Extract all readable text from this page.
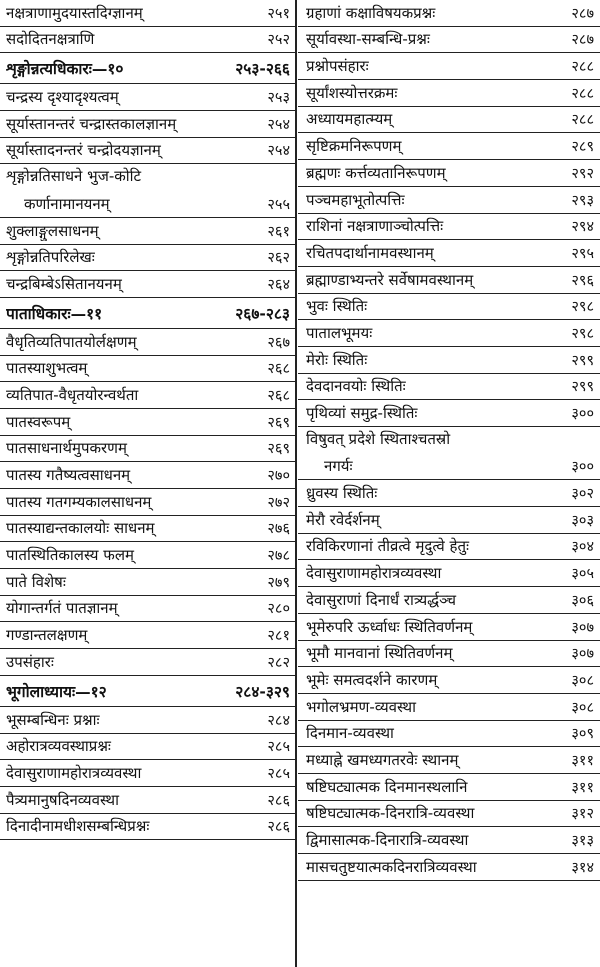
नक्षत्राणामुदयास्तदिग्ज्ञानम्	२५१
सदोदितनक्षत्राणि	२५२
शृङ्गोन्नत्यधिकारः—१०	२५३-२६६
चन्द्रस्य दृश्यादृश्यत्वम्	२५३
सूर्यास्तानन्तरं चन्द्रास्तकालज्ञानम्	२५४
सूर्यास्तादनन्तरं चन्द्रोदयज्ञानम्	२५४
शृङ्गोन्नतिसाधने भुज-कोटि
कर्णानामानयनम्	२५५
शुक्लाङ्गुलसाधनम्	२६१
शृङ्गोन्नतिपरिलेखः	२६२
चन्द्रबिम्बेऽसितानयनम्	२६४
पाताधिकारः—११	२६७-२८३
वैधृतिव्यतिपातयोर्लक्षणम्	२६७
पातस्याशुभत्वम्	२६८
व्यतिपात-वैधृतयोरन्वर्थता	२६८
पातस्वरूपम्	२६९
पातसाधनार्थमुपकरणम्	२६९
पातस्य गतैष्यत्वसाधनम्	२७०
पातस्य गतगम्यकालसाधनम्	२७२
पातस्याद्यन्तकालयोः साधनम्	२७६
पातस्थितिकालस्य फलम्	२७८
पाते विशेषः	२७९
योगान्तर्गतं पातज्ञानम्	२८०
गण्डान्तलक्षणम्	२८१
उपसंहारः	२८२
भूगोलाध्यायः—१२	२८४-३२९
भूसम्बन्धिनः प्रश्नाः	२८४
अहोरात्रव्यवस्थाप्रश्नः	२८५
देवासुराणामहोरात्रव्यवस्था	२८५
पैत्र्यमानुषदिनव्यवस्था	२८६
दिनादीनामधीशसम्बन्धिप्रश्नः	२८६
ग्रहाणां कक्षाविषयकप्रश्नः	२८७
सूर्यावस्था-सम्बन्धि-प्रश्नः	२८७
प्रश्नोपसंहारः	२८८
सूर्यांशस्योत्तरक्रमः	२८८
अध्यायमहात्म्यम्	२८८
सृष्टिक्रमनिरूपणम्	२८९
ब्रह्मणः कर्त्तव्यतानिरूपणम्	२९२
पञ्चमहाभूतोत्पत्तिः	२९३
राशिनां नक्षत्राणाञ्चोत्पत्तिः	२९४
रचितपदार्थानामवस्थानम्	२९५
ब्रह्माण्डाभ्यन्तरे सर्वेषामवस्थानम्	२९६
भुवः स्थितिः	२९८
पातालभूमयः	२९८
मेरोः स्थितिः	२९९
देवदानवयोः स्थितिः	२९९
पृथिव्यां समुद्र-स्थितिः	३००
विषुवत् प्रदेशे स्थिताश्चतस्रो
नगर्यः	३००
ध्रुवस्य स्थितिः	३०२
मेरौ रवेर्दर्शनम्	३०३
रविकिरणानां तीव्रत्वे मृदुत्वे हेतुः	३०४
देवासुराणामहोरात्रव्यवस्था	३०५
देवासुराणां दिनार्धं रात्र्यर्द्धञ्च	३०६
भूमेरुपरि ऊर्ध्वाधः स्थितिवर्णनम्	३०७
भूमौ मानवानां स्थितिवर्णनम्	३०७
भूमेः समत्वदर्शने कारणम्	३०८
भगोलभ्रमण-व्यवस्था	३०८
दिनमान-व्यवस्था	३०९
मध्याह्ने खमध्यगतरवेः स्थानम्	३११
षष्टिघट्यात्मक दिनमानस्थलानि	३११
षष्टिघट्यात्मक-दिनरात्रि-व्यवस्था	३१२
द्विमासात्मक-दिनारात्रि-व्यवस्था	३१३
मासचतुष्टयात्मकदिनरात्रिव्यवस्था	३१४
